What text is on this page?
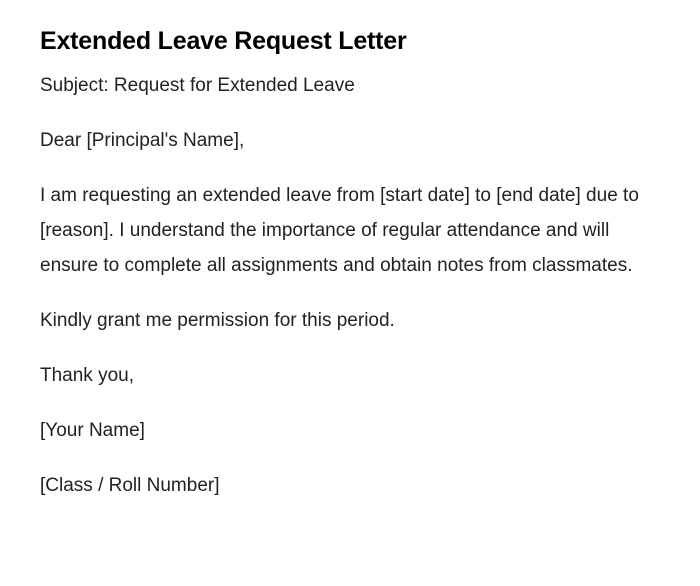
Extended Leave Request Letter

Subject: Request for Extended Leave

Dear [Principal's Name],

I am requesting an extended leave from [start date] to [end date] due to [reason]. I understand the importance of regular attendance and will ensure to complete all assignments and obtain notes from classmates.

Kindly grant me permission for this period.

Thank you,

[Your Name]

[Class / Roll Number]
